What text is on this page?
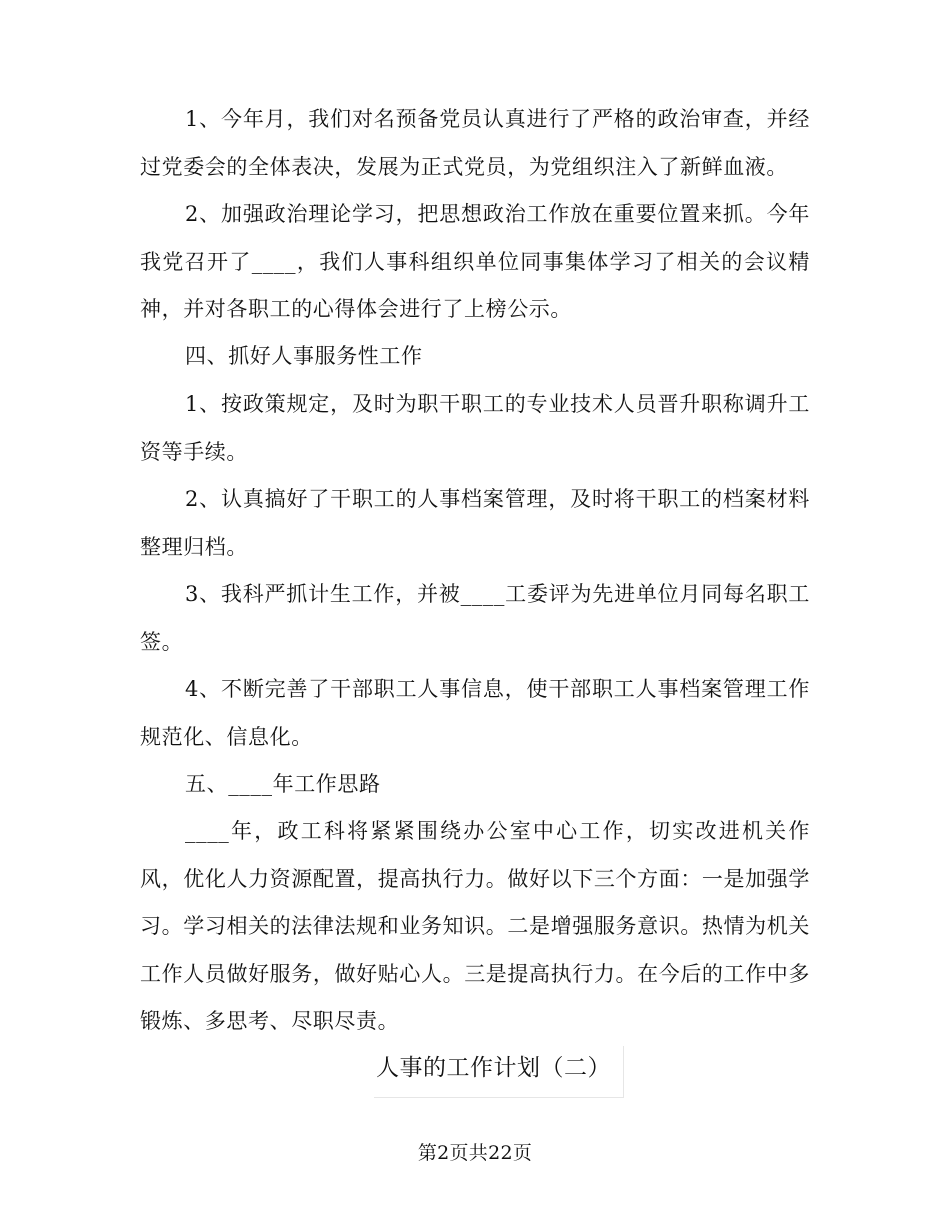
1、今年月，我们对名预备党员认真进行了严格的政治审查，并经过党委会的全体表决，发展为正式党员，为党组织注入了新鲜血液。

2、加强政治理论学习，把思想政治工作放在重要位置来抓。今年我党召开了____，我们人事科组织单位同事集体学习了相关的会议精神，并对各职工的心得体会进行了上榜公示。

四、抓好人事服务性工作

1、按政策规定，及时为职干职工的专业技术人员晋升职称调升工资等手续。

2、认真搞好了干职工的人事档案管理，及时将干职工的档案材料整理归档。

3、我科严抓计生工作，并被____工委评为先进单位月同每名职工签。

4、不断完善了干部职工人事信息，使干部职工人事档案管理工作规范化、信息化。

五、____年工作思路

____年，政工科将紧紧围绕办公室中心工作，切实改进机关作风，优化人力资源配置，提高执行力。做好以下三个方面：一是加强学习。学习相关的法律法规和业务知识。二是增强服务意识。热情为机关工作人员做好服务，做好贴心人。三是提高执行力。在今后的工作中多锻炼、多思考、尽职尽责。

人事的工作计划（二）
第2页共22页
